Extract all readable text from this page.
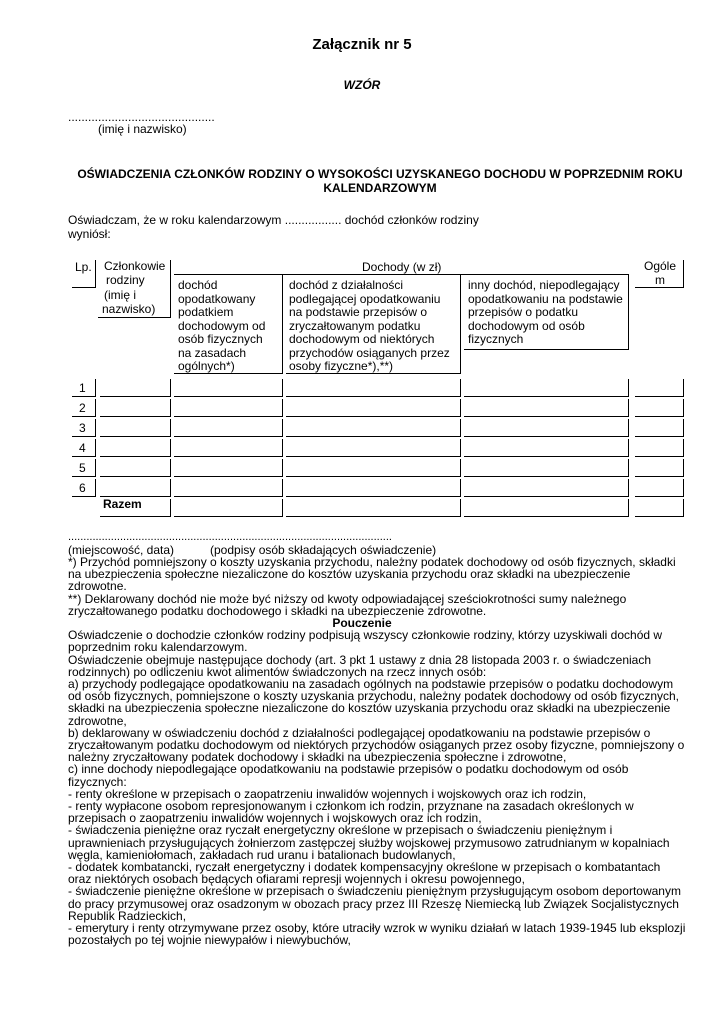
Załącznik nr 5
WZÓR
............................................
(imię i nazwisko)
OŚWIADCZENIA CZŁONKÓW RODZINY O WYSOKOŚCI UZYSKANEGO DOCHODU W POPRZEDNIM ROKU
KALENDARZOWYM
Oświadczam, że w roku kalendarzowym ................. dochód członków rodziny
wyniósł:
Lp. Członkowie
rodziny
(imię i
nazwisko)
Dochody (w zł)
dochód
opodatkowany
podatkiem
dochodowym od
osób fizycznych
na zasadach
ogólnych*)
dochód z działalności
podlegającej opodatkowaniu
na podstawie przepisów o
zryczałtowanym podatku
dochodowym od niektórych
przychodów osiąganych przez
osoby fizyczne*),**)
inny dochód, niepodlegający
opodatkowaniu na podstawie
przepisów o podatku
dochodowym od osób
fizycznych
Ogóle
m
1
2
3
4
5
6
Razem
..........................................................................................................
(miejscowość, data)	(podpisy osób składających oświadczenie)
*) Przychód pomniejszony o koszty uzyskania przychodu, należny podatek dochodowy od osób fizycznych, składki
na ubezpieczenia społeczne niezaliczone do kosztów uzyskania przychodu oraz składki na ubezpieczenie
zdrowotne.
**) Deklarowany dochód nie może być niższy od kwoty odpowiadającej sześciokrotności sumy należnego
zryczałtowanego podatku dochodowego i składki na ubezpieczenie zdrowotne.
Pouczenie
Oświadczenie o dochodzie członków rodziny podpisują wszyscy członkowie rodziny, którzy uzyskiwali dochód w
poprzednim roku kalendarzowym.
Oświadczenie obejmuje następujące dochody (art. 3 pkt 1 ustawy z dnia 28 listopada 2003 r. o świadczeniach
rodzinnych) po odliczeniu kwot alimentów świadczonych na rzecz innych osób:
a) przychody podlegające opodatkowaniu na zasadach ogólnych na podstawie przepisów o podatku dochodowym
od osób fizycznych, pomniejszone o koszty uzyskania przychodu, należny podatek dochodowy od osób fizycznych,
składki na ubezpieczenia społeczne niezaliczone do kosztów uzyskania przychodu oraz składki na ubezpieczenie
zdrowotne,
b) deklarowany w oświadczeniu dochód z działalności podlegającej opodatkowaniu na podstawie przepisów o
zryczałtowanym podatku dochodowym od niektórych przychodów osiąganych przez osoby fizyczne, pomniejszony o
należny zryczałtowany podatek dochodowy i składki na ubezpieczenia społeczne i zdrowotne,
c) inne dochody niepodlegające opodatkowaniu na podstawie przepisów o podatku dochodowym od osób
fizycznych:
- renty określone w przepisach o zaopatrzeniu inwalidów wojennych i wojskowych oraz ich rodzin,
- renty wypłacone osobom represjonowanym i członkom ich rodzin, przyznane na zasadach określonych w
przepisach o zaopatrzeniu inwalidów wojennych i wojskowych oraz ich rodzin,
- świadczenia pieniężne oraz ryczałt energetyczny określone w przepisach o świadczeniu pieniężnym i
uprawnieniach przysługujących żołnierzom zastępczej służby wojskowej przymusowo zatrudnianym w kopalniach
węgla, kamieniołomach, zakładach rud uranu i batalionach budowlanych,
- dodatek kombatancki, ryczałt energetyczny i dodatek kompensacyjny określone w przepisach o kombatantach
oraz niektórych osobach będących ofiarami represji wojennych i okresu powojennego,
- świadczenie pieniężne określone w przepisach o świadczeniu pieniężnym przysługującym osobom deportowanym
do pracy przymusowej oraz osadzonym w obozach pracy przez III Rzeszę Niemiecką lub Związek Socjalistycznych
Republik Radzieckich,
- emerytury i renty otrzymywane przez osoby, które utraciły wzrok w wyniku działań w latach 1939-1945 lub eksplozji
pozostałych po tej wojnie niewypałów i niewybuchów,
